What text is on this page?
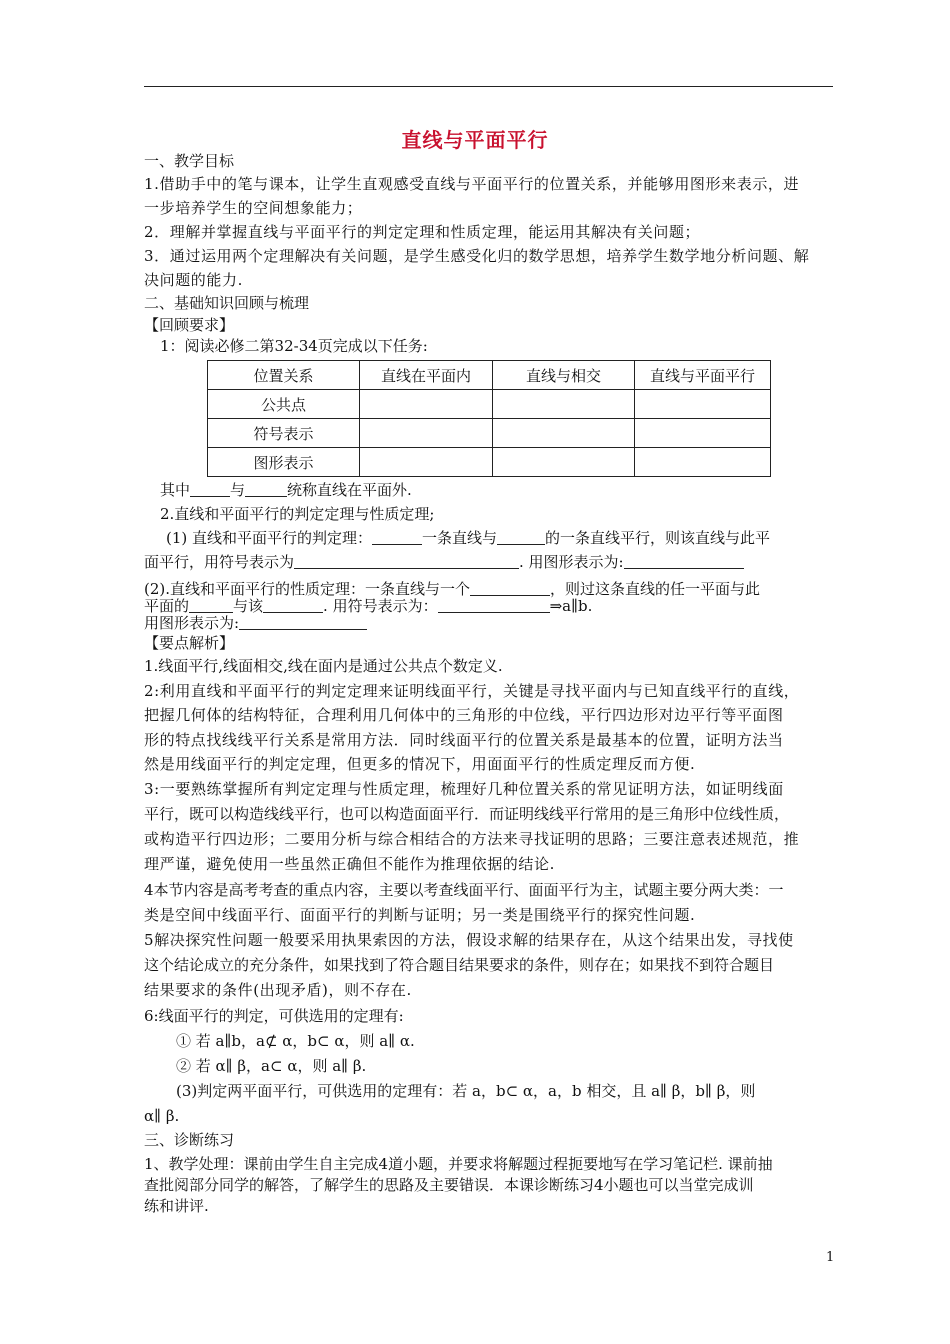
直线与平面平行
一、教学目标
1.借助手中的笔与课本，让学生直观感受直线与平面平行的位置关系，并能够用图形来表示，进
一步培养学生的空间想象能力；
2．理解并掌握直线与平面平行的判定定理和性质定理，能运用其解决有关问题；
3．通过运用两个定理解决有关问题，是学生感受化归的数学思想，培养学生数学地分析问题、解
决问题的能力.
二、基础知识回顾与梳理
【回顾要求】
1：阅读必修二第32-34页完成以下任务:
位置关系	直线在平面内	直线与相交	直线与平面平行
公共点			
符号表示			
图形表示			
其中	与	统称直线在平面外.
2.直线和平面平行的判定定理与性质定理;
(1) 直线和平面平行的判定理：	一条直线与	的一条直线平行，则该直线与此平
面平行，用符号表示为	. 用图形表示为:
(2).直线和平面平行的性质定理：一条直线与一个	，则过这条直线的任一平面与此
平面的	与该	. 用符号表示为：	⇒a∥b.
用图形表示为:
【要点解析】
1.线面平行,线面相交,线在面内是通过公共点个数定义.
2:利用直线和平面平行的判定定理来证明线面平行，关键是寻找平面内与已知直线平行的直线，
把握几何体的结构特征，合理利用几何体中的三角形的中位线，平行四边形对边平行等平面图
形的特点找线线平行关系是常用方法．同时线面平行的位置关系是最基本的位置，证明方法当
然是用线面平行的判定定理，但更多的情况下，用面面平行的性质定理反而方便.
3:一要熟练掌握所有判定定理与性质定理，梳理好几种位置关系的常见证明方法，如证明线面
平行，既可以构造线线平行，也可以构造面面平行．而证明线线平行常用的是三角形中位线性质，
或构造平行四边形；二要用分析与综合相结合的方法来寻找证明的思路；三要注意表述规范，推
理严谨，避免使用一些虽然正确但不能作为推理依据的结论.
4本节内容是高考考查的重点内容，主要以考查线面平行、面面平行为主，试题主要分两大类：一
类是空间中线面平行、面面平行的判断与证明；另一类是围绕平行的探究性问题.
5解决探究性问题一般要采用执果索因的方法，假设求解的结果存在，从这个结果出发，寻找使
这个结论成立的充分条件，如果找到了符合题目结果要求的条件，则存在；如果找不到符合题目
结果要求的条件(出现矛盾)，则不存在.
6:线面平行的判定，可供选用的定理有:
① 若 a∥b，a⊄ α，b⊂ α，则 a∥ α.
② 若 α∥ β，a⊂ α，则 a∥ β.
(3)判定两平面平行，可供选用的定理有：若 a，b⊂ α，a，b 相交，且 a∥ β，b∥ β，则
α∥ β.
三、诊断练习
1、教学处理：课前由学生自主完成4道小题，并要求将解题过程扼要地写在学习笔记栏. 课前抽
查批阅部分同学的解答，了解学生的思路及主要错误．本课诊断练习4小题也可以当堂完成训
练和讲评.
1
